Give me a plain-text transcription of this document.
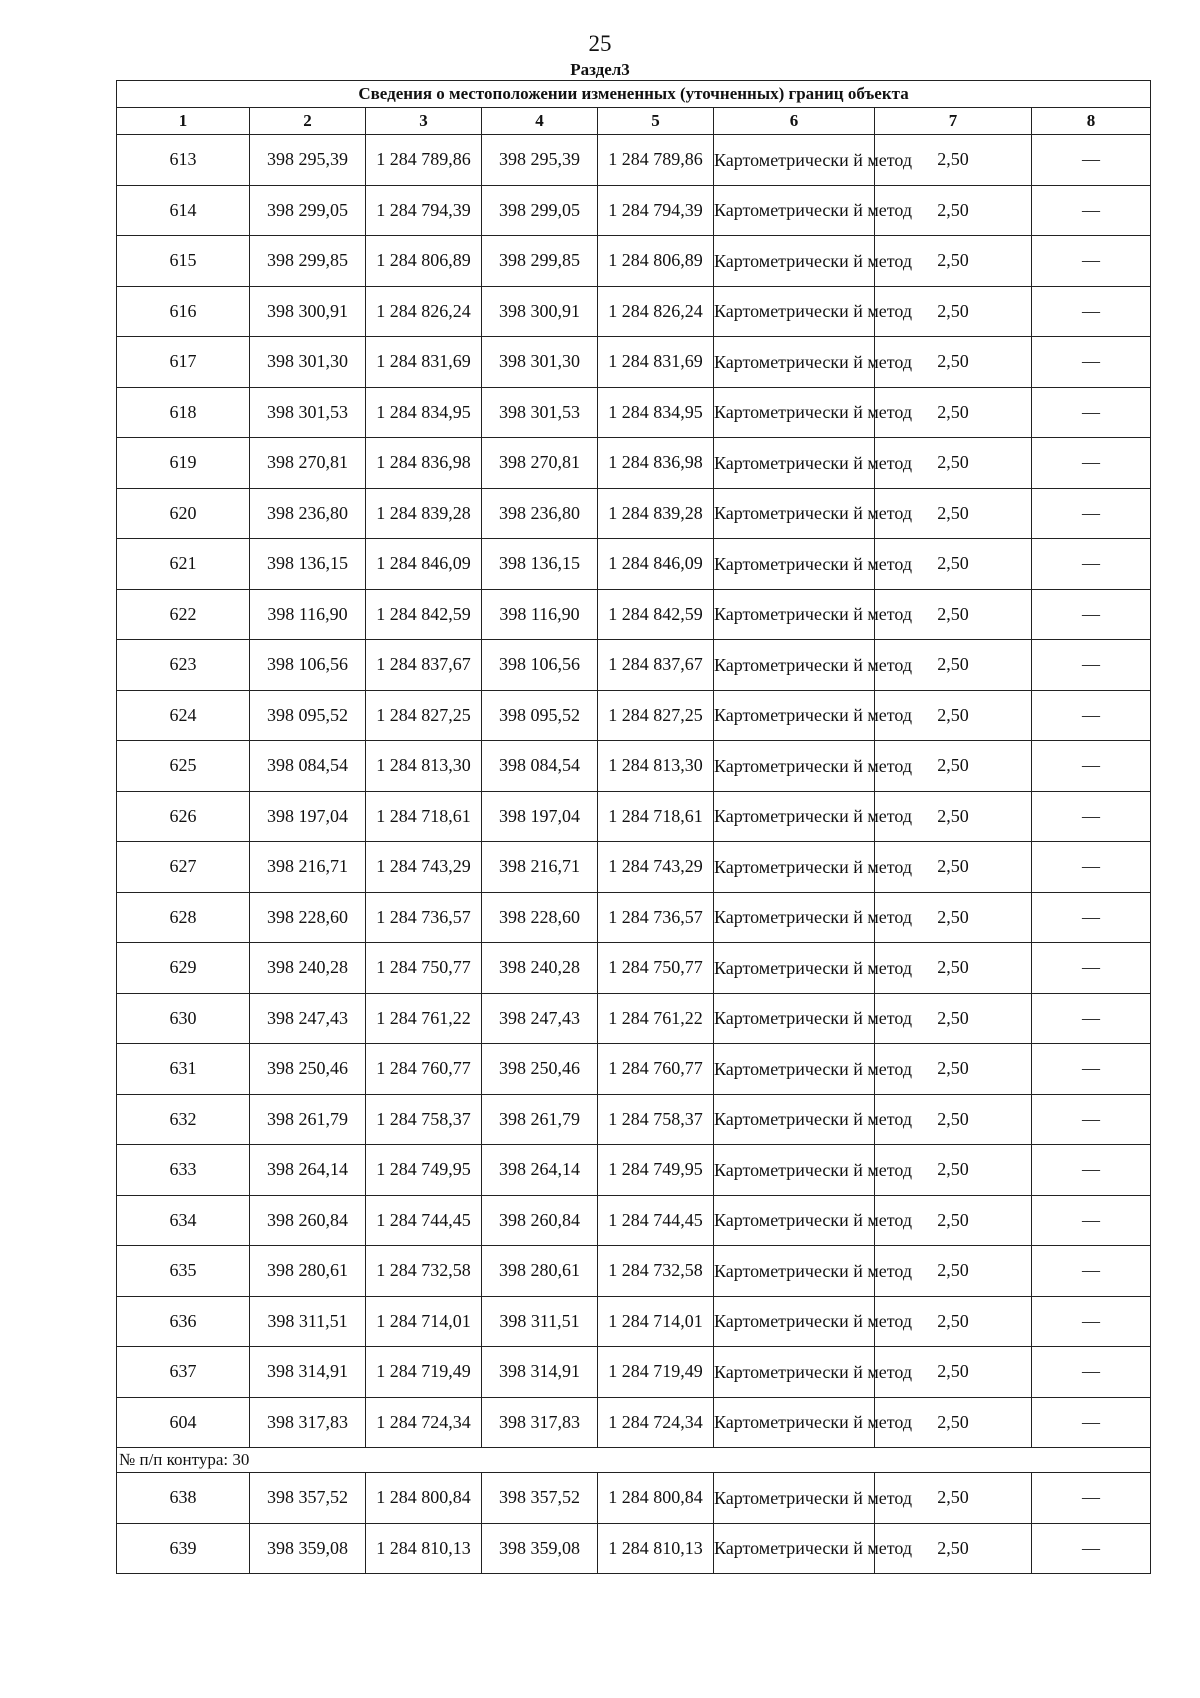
25
Раздел3
Сведения о местоположении измененных (уточненных) границ объекта							
1	2	3	4	5	6	7	8
613	398 295,39	1 284 789,86	398 295,39	1 284 789,86	Картометрически й метод	2,50	—
614	398 299,05	1 284 794,39	398 299,05	1 284 794,39	Картометрически й метод	2,50	—
615	398 299,85	1 284 806,89	398 299,85	1 284 806,89	Картометрически й метод	2,50	—
616	398 300,91	1 284 826,24	398 300,91	1 284 826,24	Картометрически й метод	2,50	—
617	398 301,30	1 284 831,69	398 301,30	1 284 831,69	Картометрически й метод	2,50	—
618	398 301,53	1 284 834,95	398 301,53	1 284 834,95	Картометрически й метод	2,50	—
619	398 270,81	1 284 836,98	398 270,81	1 284 836,98	Картометрически й метод	2,50	—
620	398 236,80	1 284 839,28	398 236,80	1 284 839,28	Картометрически й метод	2,50	—
621	398 136,15	1 284 846,09	398 136,15	1 284 846,09	Картометрически й метод	2,50	—
622	398 116,90	1 284 842,59	398 116,90	1 284 842,59	Картометрически й метод	2,50	—
623	398 106,56	1 284 837,67	398 106,56	1 284 837,67	Картометрически й метод	2,50	—
624	398 095,52	1 284 827,25	398 095,52	1 284 827,25	Картометрически й метод	2,50	—
625	398 084,54	1 284 813,30	398 084,54	1 284 813,30	Картометрически й метод	2,50	—
626	398 197,04	1 284 718,61	398 197,04	1 284 718,61	Картометрически й метод	2,50	—
627	398 216,71	1 284 743,29	398 216,71	1 284 743,29	Картометрически й метод	2,50	—
628	398 228,60	1 284 736,57	398 228,60	1 284 736,57	Картометрически й метод	2,50	—
629	398 240,28	1 284 750,77	398 240,28	1 284 750,77	Картометрически й метод	2,50	—
630	398 247,43	1 284 761,22	398 247,43	1 284 761,22	Картометрически й метод	2,50	—
631	398 250,46	1 284 760,77	398 250,46	1 284 760,77	Картометрически й метод	2,50	—
632	398 261,79	1 284 758,37	398 261,79	1 284 758,37	Картометрически й метод	2,50	—
633	398 264,14	1 284 749,95	398 264,14	1 284 749,95	Картометрически й метод	2,50	—
634	398 260,84	1 284 744,45	398 260,84	1 284 744,45	Картометрически й метод	2,50	—
635	398 280,61	1 284 732,58	398 280,61	1 284 732,58	Картометрически й метод	2,50	—
636	398 311,51	1 284 714,01	398 311,51	1 284 714,01	Картометрически й метод	2,50	—
637	398 314,91	1 284 719,49	398 314,91	1 284 719,49	Картометрически й метод	2,50	—
604	398 317,83	1 284 724,34	398 317,83	1 284 724,34	Картометрически й метод	2,50	—
№ п/п контура: 30							
638	398 357,52	1 284 800,84	398 357,52	1 284 800,84	Картометрически й метод	2,50	—
639	398 359,08	1 284 810,13	398 359,08	1 284 810,13	Картометрически й метод	2,50	—
